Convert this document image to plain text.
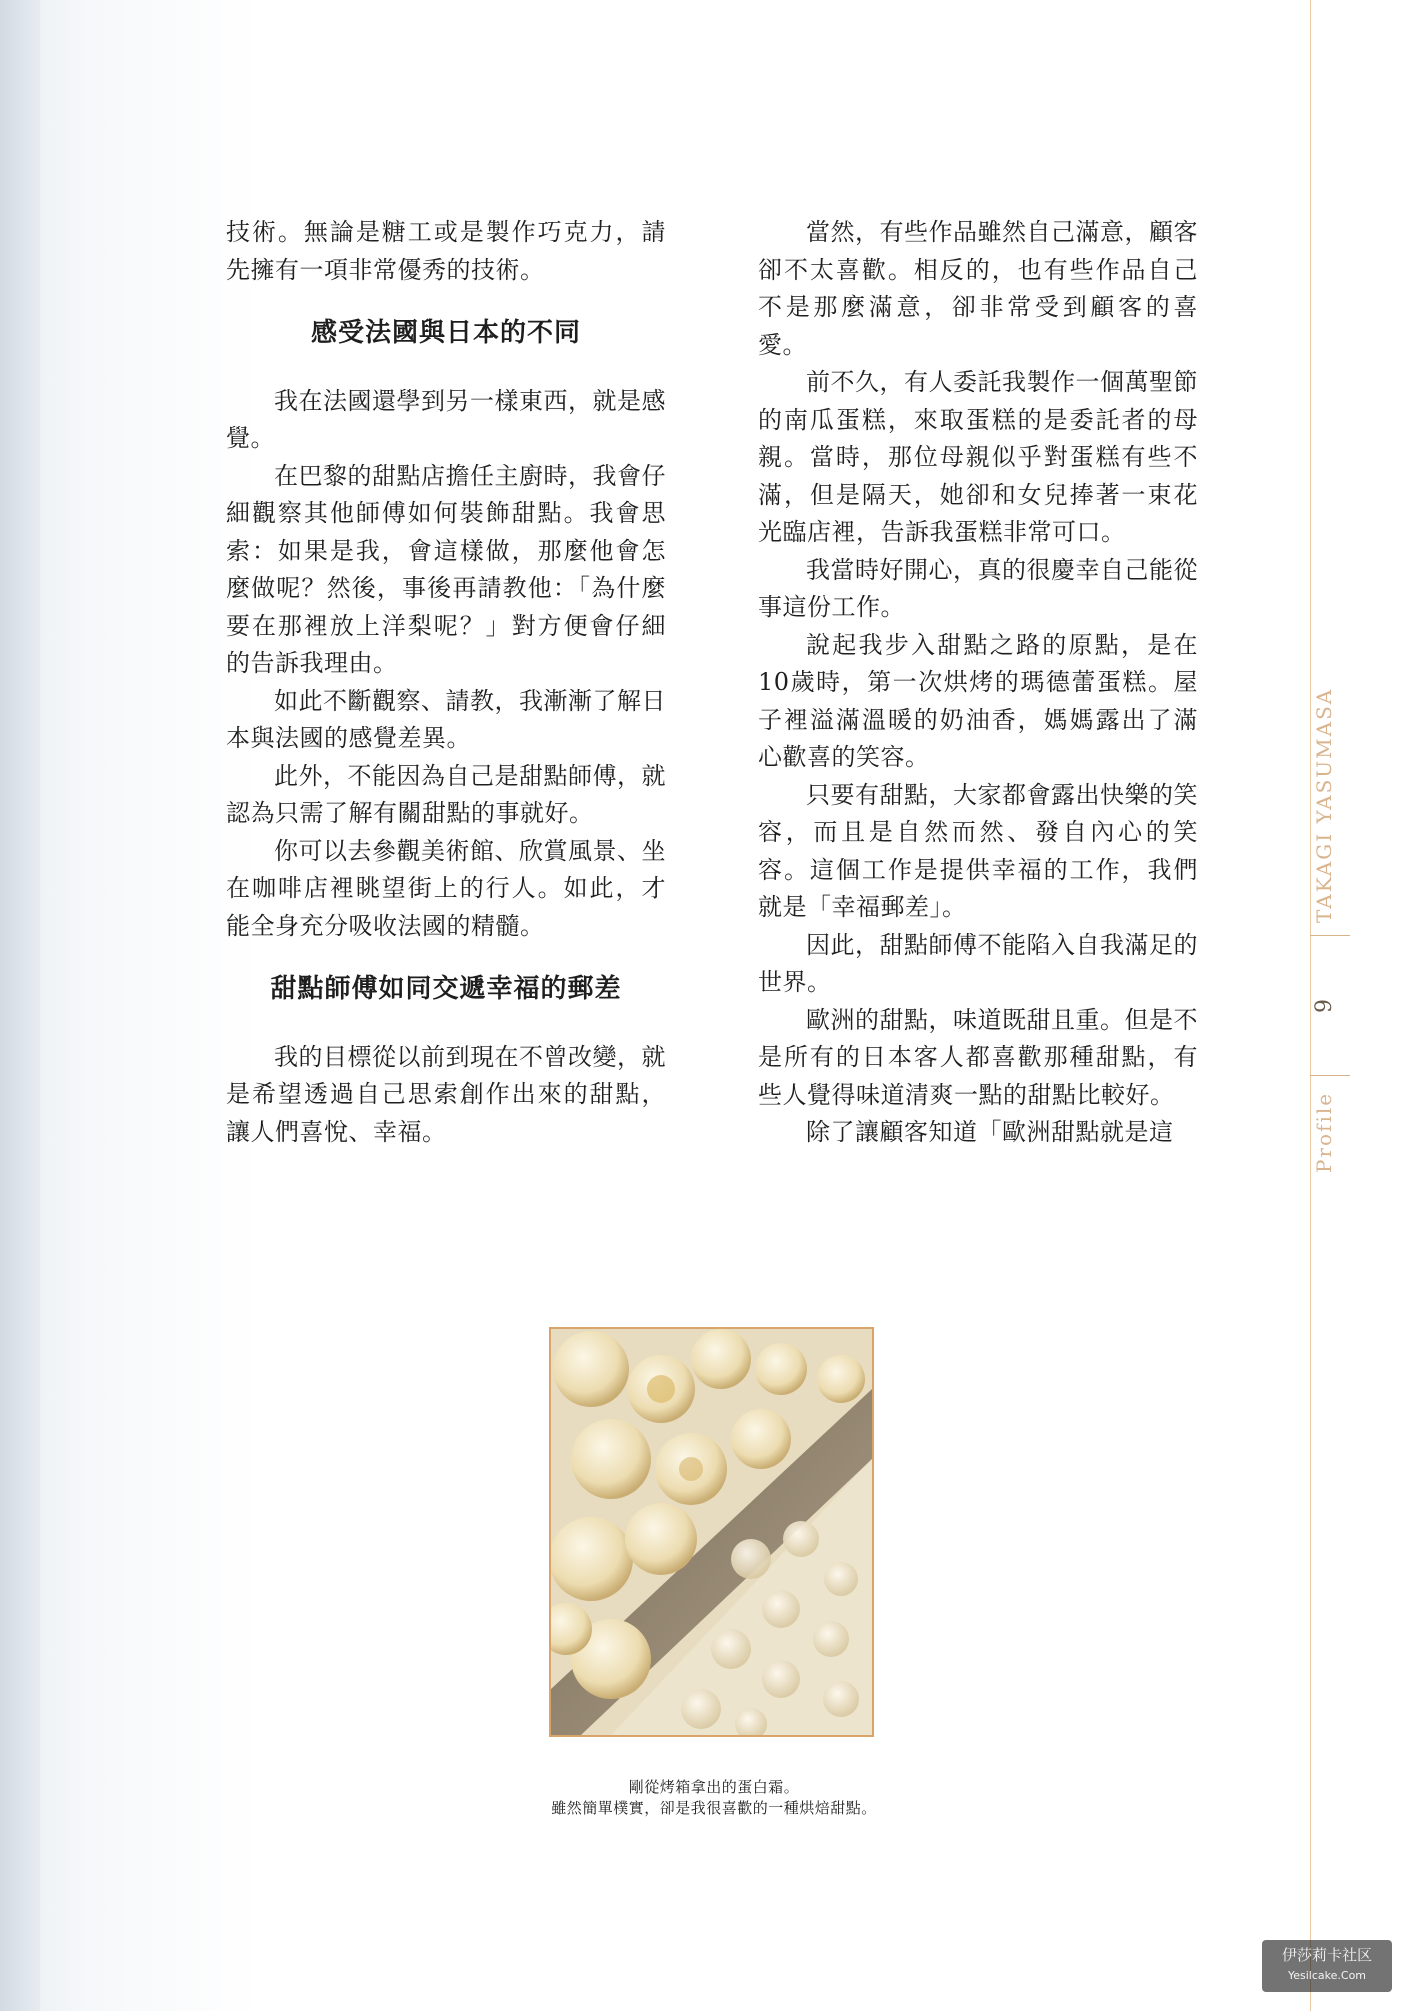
技術。無論是糖工或是製作巧克力，請先擁有一項非常優秀的技術。

感受法國與日本的不同

我在法國還學到另一樣東西，就是感覺。

在巴黎的甜點店擔任主廚時，我會仔細觀察其他師傅如何裝飾甜點。我會思索：如果是我，會這樣做，那麼他會怎麼做呢？然後，事後再請教他：「為什麼要在那裡放上洋梨呢？」對方便會仔細的告訴我理由。

如此不斷觀察、請教，我漸漸了解日本與法國的感覺差異。

此外，不能因為自己是甜點師傅，就認為只需了解有關甜點的事就好。

你可以去參觀美術館、欣賞風景、坐在咖啡店裡眺望街上的行人。如此，才能全身充分吸收法國的精髓。

甜點師傅如同交遞幸福的郵差

我的目標從以前到現在不曾改變，就是希望透過自己思索創作出來的甜點，讓人們喜悅、幸福。

當然，有些作品雖然自己滿意，顧客卻不太喜歡。相反的，也有些作品自己不是那麼滿意，卻非常受到顧客的喜愛。

前不久，有人委託我製作一個萬聖節的南瓜蛋糕，來取蛋糕的是委託者的母親。當時，那位母親似乎對蛋糕有些不滿，但是隔天，她卻和女兒捧著一束花光臨店裡，告訴我蛋糕非常可口。

我當時好開心，真的很慶幸自己能從事這份工作。

說起我步入甜點之路的原點，是在10歲時，第一次烘烤的瑪德蕾蛋糕。屋子裡溢滿溫暖的奶油香，媽媽露出了滿心歡喜的笑容。

只要有甜點，大家都會露出快樂的笑容，而且是自然而然、發自內心的笑容。這個工作是提供幸福的工作，我們就是「幸福郵差」。

因此，甜點師傅不能陷入自我滿足的世界。

歐洲的甜點，味道既甜且重。但是不是所有的日本客人都喜歡那種甜點，有些人覺得味道清爽一點的甜點比較好。

除了讓顧客知道「歐洲甜點就是這

剛從烤箱拿出的蛋白霜。
雖然簡單樸實，卻是我很喜歡的一種烘焙甜點。
TAKAGI YASUMASA
9
Profile
伊莎莉卡社区
Yesilcake.Com
